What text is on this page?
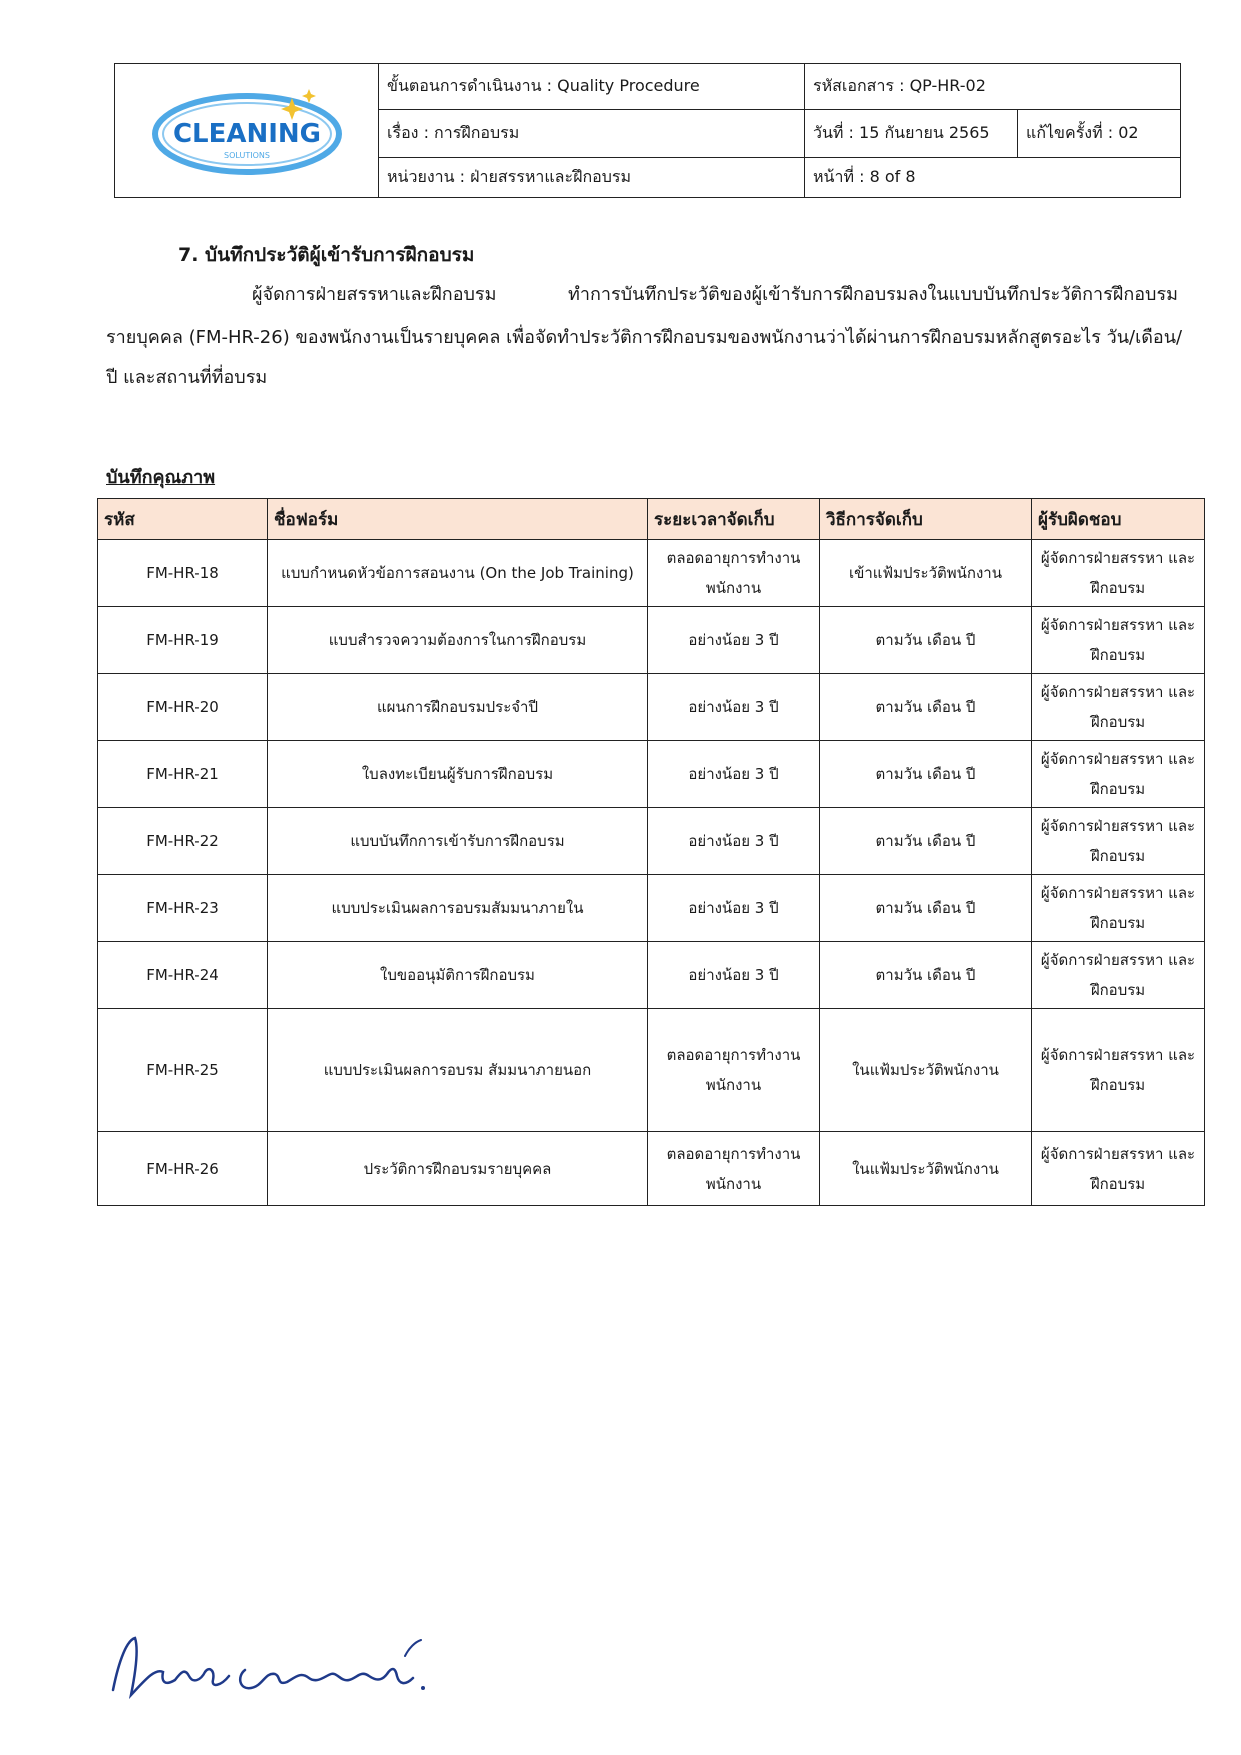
CLEANING
SOLUTIONS	ขั้นตอนการดำเนินงาน : Quality Procedure	รหัสเอกสาร : QP-HR-02	
	เรื่อง : การฝึกอบรม	วันที่ : 15 กันยายน 2565	แก้ไขครั้งที่ : 02
	หน่วยงาน : ฝ่ายสรรหาและฝึกอบรม	หน้าที่ : 8 of 8	
7. บันทึกประวัติผู้เข้ารับการฝึกอบรม
ผู้จัดการฝ่ายสรรหาและฝึกอบรม	ทำการบันทึกประวัติของผู้เข้ารับการฝึกอบรมลงในแบบบันทึกประวัติการฝึกอบรม
รายบุคคล (FM-HR-26) ของพนักงานเป็นรายบุคคล เพื่อจัดทำประวัติการฝึกอบรมของพนักงานว่าได้ผ่านการฝึกอบรมหลักสูตรอะไร วัน/เดือน/
ปี และสถานที่ที่อบรม
บันทึกคุณภาพ
รหัส	ชื่อฟอร์ม	ระยะเวลาจัดเก็บ	วิธีการจัดเก็บ	ผู้รับผิดชอบ
FM-HR-18	แบบกำหนดหัวข้อการสอนงาน (On the Job Training)	ตลอดอายุการทำงาน พนักงาน	เข้าแฟ้มประวัติพนักงาน	ผู้จัดการฝ่ายสรรหา และฝึกอบรม
FM-HR-19	แบบสำรวจความต้องการในการฝึกอบรม	อย่างน้อย 3 ปี	ตามวัน เดือน ปี	ผู้จัดการฝ่ายสรรหา และฝึกอบรม
FM-HR-20	แผนการฝึกอบรมประจำปี	อย่างน้อย 3 ปี	ตามวัน เดือน ปี	ผู้จัดการฝ่ายสรรหา และฝึกอบรม
FM-HR-21	ใบลงทะเบียนผู้รับการฝึกอบรม	อย่างน้อย 3 ปี	ตามวัน เดือน ปี	ผู้จัดการฝ่ายสรรหา และฝึกอบรม
FM-HR-22	แบบบันทึกการเข้ารับการฝึกอบรม	อย่างน้อย 3 ปี	ตามวัน เดือน ปี	ผู้จัดการฝ่ายสรรหา และฝึกอบรม
FM-HR-23	แบบประเมินผลการอบรมสัมมนาภายใน	อย่างน้อย 3 ปี	ตามวัน เดือน ปี	ผู้จัดการฝ่ายสรรหา และฝึกอบรม
FM-HR-24	ใบขออนุมัติการฝึกอบรม	อย่างน้อย 3 ปี	ตามวัน เดือน ปี	ผู้จัดการฝ่ายสรรหา และฝึกอบรม
FM-HR-25	แบบประเมินผลการอบรม สัมมนาภายนอก	ตลอดอายุการทำงาน พนักงาน	ในแฟ้มประวัติพนักงาน	ผู้จัดการฝ่ายสรรหา และฝึกอบรม
FM-HR-26	ประวัติการฝึกอบรมรายบุคคล	ตลอดอายุการทำงาน พนักงาน	ในแฟ้มประวัติพนักงาน	ผู้จัดการฝ่ายสรรหา และฝึกอบรม
